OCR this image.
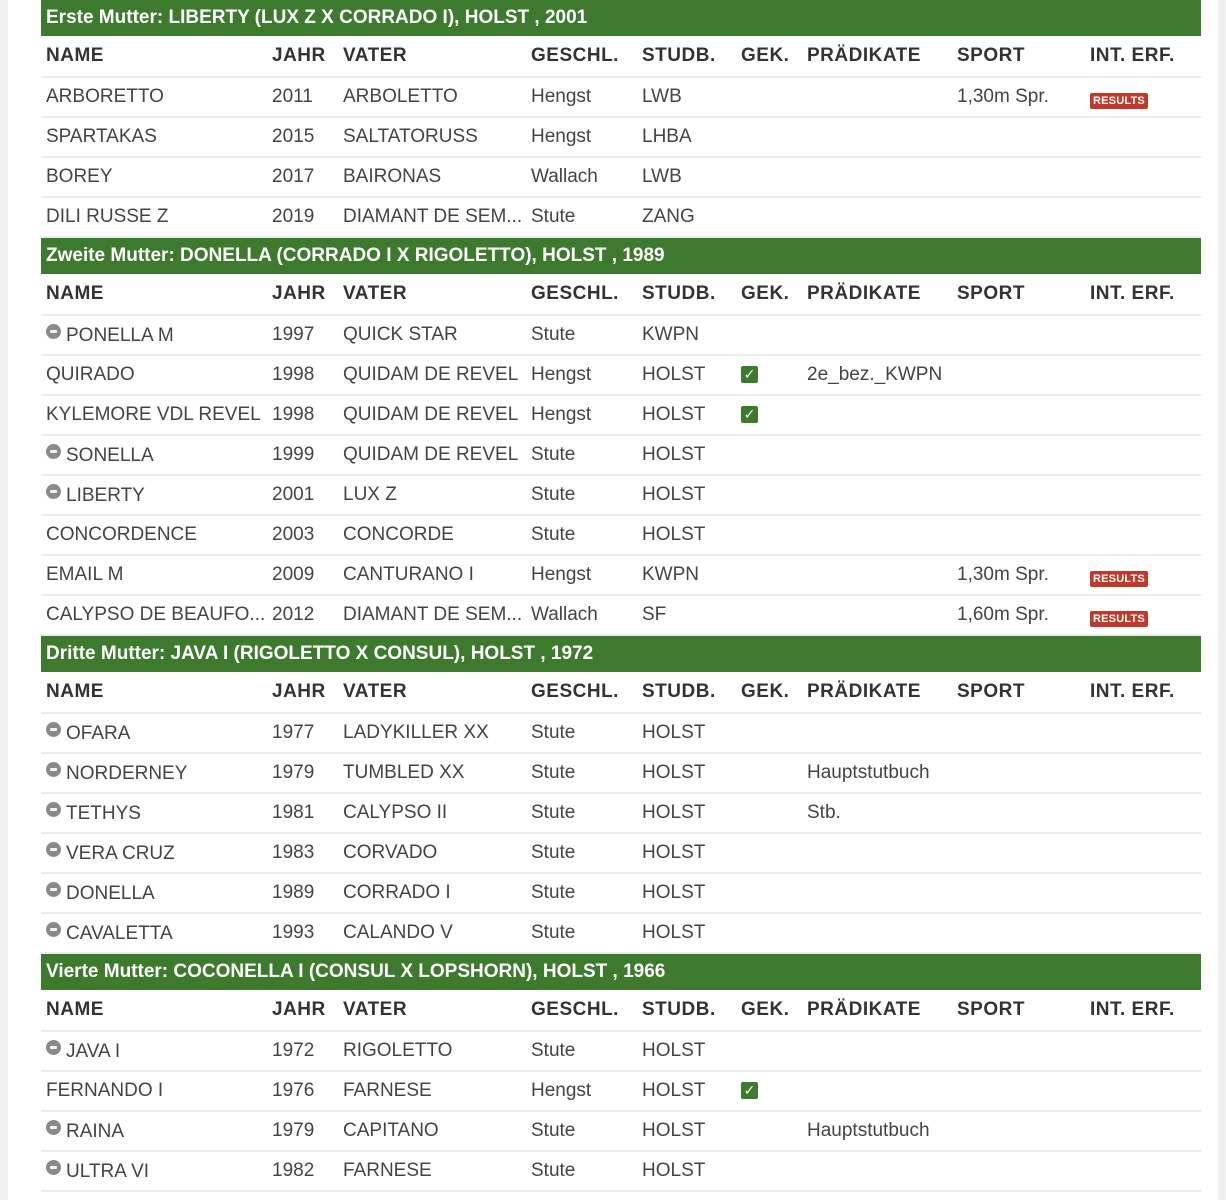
Erste Mutter: LIBERTY (LUX Z X CORRADO I), HOLST , 2001
NAME	JAHR	VATER	GESCHL.	STUDB.	GEK.	PRÄDIKATE	SPORT	INT. ERF.
ARBORETTO	2011	ARBOLETTO	Hengst	LWB			1,30m Spr.	RESULTS
SPARTAKAS	2015	SALTATORUSS	Hengst	LHBA				
BOREY	2017	BAIRONAS	Wallach	LWB				
DILI RUSSE Z	2019	DIAMANT DE SEM...	Stute	ZANG				
Zweite Mutter: DONELLA (CORRADO I X RIGOLETTO), HOLST , 1989
NAME	JAHR	VATER	GESCHL.	STUDB.	GEK.	PRÄDIKATE	SPORT	INT. ERF.
PONELLA M	1997	QUICK STAR	Stute	KWPN				
QUIRADO	1998	QUIDAM DE REVEL	Hengst	HOLST	✓	2e_bez._KWPN		
KYLEMORE VDL REVEL	1998	QUIDAM DE REVEL	Hengst	HOLST	✓			
SONELLA	1999	QUIDAM DE REVEL	Stute	HOLST				
LIBERTY	2001	LUX Z	Stute	HOLST				
CONCORDENCE	2003	CONCORDE	Stute	HOLST				
EMAIL M	2009	CANTURANO I	Hengst	KWPN			1,30m Spr.	RESULTS
CALYPSO DE BEAUFO...	2012	DIAMANT DE SEM...	Wallach	SF			1,60m Spr.	RESULTS
Dritte Mutter: JAVA I (RIGOLETTO X CONSUL), HOLST , 1972
NAME	JAHR	VATER	GESCHL.	STUDB.	GEK.	PRÄDIKATE	SPORT	INT. ERF.
OFARA	1977	LADYKILLER XX	Stute	HOLST				
NORDERNEY	1979	TUMBLED XX	Stute	HOLST		Hauptstutbuch		
TETHYS	1981	CALYPSO II	Stute	HOLST		Stb.		
VERA CRUZ	1983	CORVADO	Stute	HOLST				
DONELLA	1989	CORRADO I	Stute	HOLST				
CAVALETTA	1993	CALANDO V	Stute	HOLST				
Vierte Mutter: COCONELLA I (CONSUL X LOPSHORN), HOLST , 1966
NAME	JAHR	VATER	GESCHL.	STUDB.	GEK.	PRÄDIKATE	SPORT	INT. ERF.
JAVA I	1972	RIGOLETTO	Stute	HOLST				
FERNANDO I	1976	FARNESE	Hengst	HOLST	✓			
RAINA	1979	CAPITANO	Stute	HOLST		Hauptstutbuch		
ULTRA VI	1982	FARNESE	Stute	HOLST				
